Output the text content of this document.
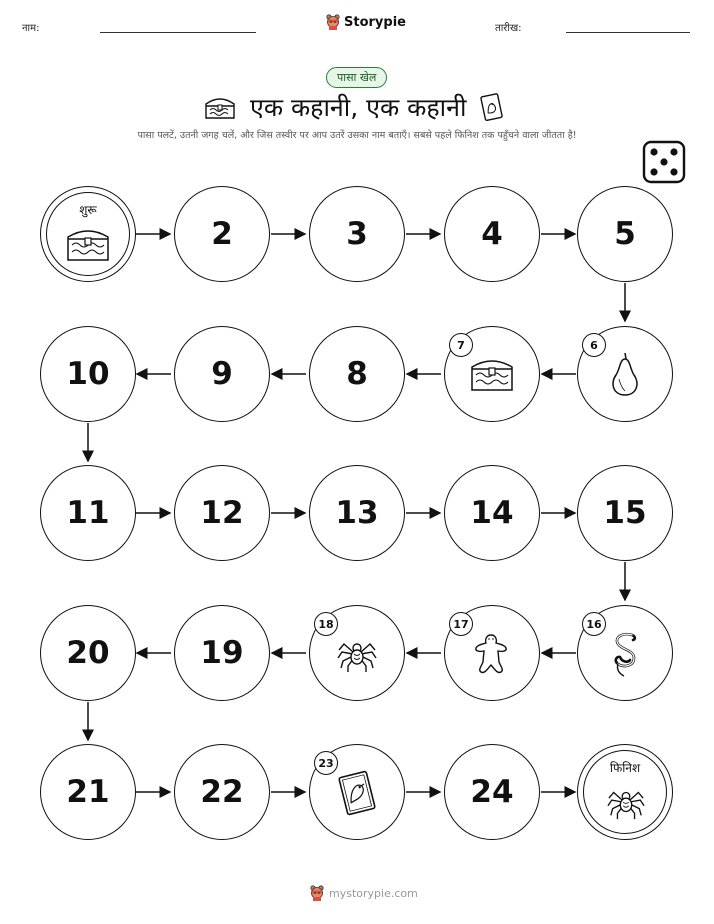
नाम:	Storypie	तारीख:
पासा खेल
एक कहानी, एक कहानी
पासा पलटें, उतनी जगह चलें, और जिस तस्वीर पर आप उतरें उसका नाम बताएँ। सबसे पहले फिनिश तक पहुँचने वाला जीतता है!
शुरू
2	3	4	5
10	9	8
7	6
11	12	13	14	15
20	19
18	17	16
21	22
23
24
फिनिश
mystorypie.com
